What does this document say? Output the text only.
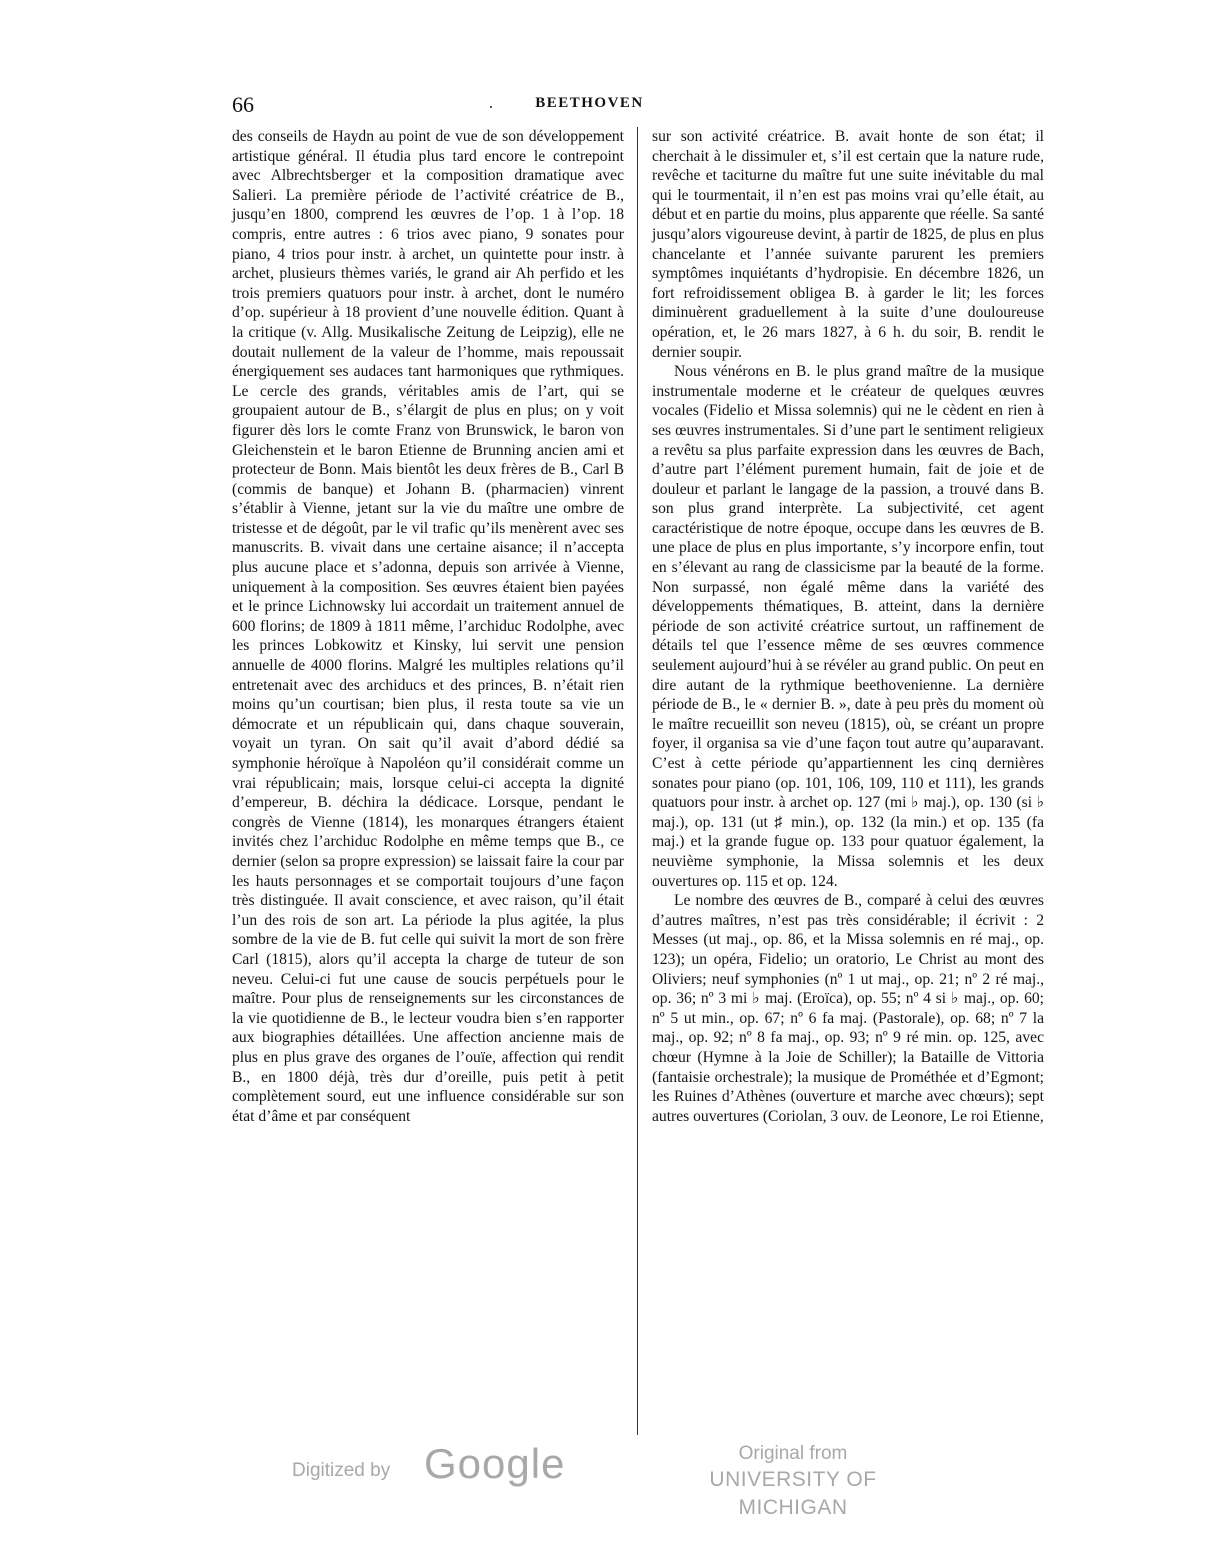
66	BEETHOVEN

des conseils de Haydn au point de vue de son développement artistique général. Il étudia plus tard encore le contrepoint avec Albrechtsberger et la composition dramatique avec Salieri. La première période de l’activité créatrice de B., jusqu’en 1800, comprend les œuvres de l’op. 1 à l’op. 18 compris, entre autres : 6 trios avec piano, 9 sonates pour piano, 4 trios pour instr. à archet, un quintette pour instr. à archet, plusieurs thèmes variés, le grand air Ah perfido et les trois premiers quatuors pour instr. à archet, dont le numéro d’op. supérieur à 18 provient d’une nouvelle édition. Quant à la critique (v. Allg. Musikalische Zeitung de Leipzig), elle ne doutait nullement de la valeur de l’homme, mais repoussait énergiquement ses audaces tant harmoniques que rythmiques. Le cercle des grands, véritables amis de l’art, qui se groupaient autour de B., s’élargit de plus en plus; on y voit figurer dès lors le comte Franz von Brunswick, le baron von Gleichenstein et le baron Etienne de Brunning ancien ami et protecteur de Bonn. Mais bientôt les deux frères de B., Carl B (commis de banque) et Johann B. (pharmacien) vinrent s’établir à Vienne, jetant sur la vie du maître une ombre de tristesse et de dégoût, par le vil trafic qu’ils menèrent avec ses manuscrits. B. vivait dans une certaine aisance; il n’accepta plus aucune place et s’adonna, depuis son arrivée à Vienne, uniquement à la composition. Ses œuvres étaient bien payées et le prince Lichnowsky lui accordait un traitement annuel de 600 florins; de 1809 à 1811 même, l’archiduc Rodolphe, avec les princes Lobkowitz et Kinsky, lui servit une pension annuelle de 4000 florins. Malgré les multiples relations qu’il entretenait avec des archiducs et des princes, B. n’était rien moins qu’un courtisan; bien plus, il resta toute sa vie un démocrate et un républicain qui, dans chaque souverain, voyait un tyran. On sait qu’il avait d’abord dédié sa symphonie héroïque à Napoléon qu’il considérait comme un vrai républicain; mais, lorsque celui-ci accepta la dignité d’empereur, B. déchira la dédicace. Lorsque, pendant le congrès de Vienne (1814), les monarques étrangers étaient invités chez l’archiduc Rodolphe en même temps que B., ce dernier (selon sa propre expression) se laissait faire la cour par les hauts personnages et se comportait toujours d’une façon très distinguée. Il avait conscience, et avec raison, qu’il était l’un des rois de son art. La période la plus agitée, la plus sombre de la vie de B. fut celle qui suivit la mort de son frère Carl (1815), alors qu’il accepta la charge de tuteur de son neveu. Celui-ci fut une cause de soucis perpétuels pour le maître. Pour plus de renseignements sur les circonstances de la vie quotidienne de B., le lecteur voudra bien s’en rapporter aux biographies détaillées. Une affection ancienne mais de plus en plus grave des organes de l’ouïe, affection qui rendit B., en 1800 déjà, très dur d’oreille, puis petit à petit complètement sourd, eut une influence considérable sur son état d’âme et par conséquent

sur son activité créatrice. B. avait honte de son état; il cherchait à le dissimuler et, s’il est certain que la nature rude, revêche et taciturne du maître fut une suite inévitable du mal qui le tourmentait, il n’en est pas moins vrai qu’elle était, au début et en partie du moins, plus apparente que réelle. Sa santé jusqu’alors vigoureuse devint, à partir de 1825, de plus en plus chancelante et l’année suivante parurent les premiers symptômes inquiétants d’hydropisie. En décembre 1826, un fort refroidissement obligea B. à garder le lit; les forces diminuèrent graduellement à la suite d’une douloureuse opération, et, le 26 mars 1827, à 6 h. du soir, B. rendit le dernier soupir.

Nous vénérons en B. le plus grand maître de la musique instrumentale moderne et le créateur de quelques œuvres vocales (Fidelio et Missa solemnis) qui ne le cèdent en rien à ses œuvres instrumentales. Si d’une part le sentiment religieux a revêtu sa plus parfaite expression dans les œuvres de Bach, d’autre part l’élément purement humain, fait de joie et de douleur et parlant le langage de la passion, a trouvé dans B. son plus grand interprète. La subjectivité, cet agent caractéristique de notre époque, occupe dans les œuvres de B. une place de plus en plus importante, s’y incorpore enfin, tout en s’élevant au rang de classicisme par la beauté de la forme. Non surpassé, non égalé même dans la variété des développements thématiques, B. atteint, dans la dernière période de son activité créatrice surtout, un raffinement de détails tel que l’essence même de ses œuvres commence seulement aujourd’hui à se révéler au grand public. On peut en dire autant de la rythmique beethovenienne. La dernière période de B., le « dernier B. », date à peu près du moment où le maître recueillit son neveu (1815), où, se créant un propre foyer, il organisa sa vie d’une façon tout autre qu’auparavant. C’est à cette période qu’appartiennent les cinq dernières sonates pour piano (op. 101, 106, 109, 110 et 111), les grands quatuors pour instr. à archet op. 127 (mi ♭ maj.), op. 130 (si ♭ maj.), op. 131 (ut ♯ min.), op. 132 (la min.) et op. 135 (fa maj.) et la grande fugue op. 133 pour quatuor également, la neuvième symphonie, la Missa solemnis et les deux ouvertures op. 115 et op. 124.

Le nombre des œuvres de B., comparé à celui des œuvres d’autres maîtres, n’est pas très considérable; il écrivit : 2 Messes (ut maj., op. 86, et la Missa solemnis en ré maj., op. 123); un opéra, Fidelio; un oratorio, Le Christ au mont des Oliviers; neuf symphonies (nº 1 ut maj., op. 21; nº 2 ré maj., op. 36; nº 3 mi ♭ maj. (Eroïca), op. 55; nº 4 si ♭ maj., op. 60; nº 5 ut min., op. 67; nº 6 fa maj. (Pastorale), op. 68; nº 7 la maj., op. 92; nº 8 fa maj., op. 93; nº 9 ré min. op. 125, avec chœur (Hymne à la Joie de Schiller); la Bataille de Vittoria (fantaisie orchestrale); la musique de Prométhée et d’Egmont; les Ruines d’Athènes (ouverture et marche avec chœurs); sept autres ouvertures (Coriolan, 3 ouv. de Leonore, Le roi Etienne,

Digitized by Google	Original from
UNIVERSITY OF MICHIGAN
